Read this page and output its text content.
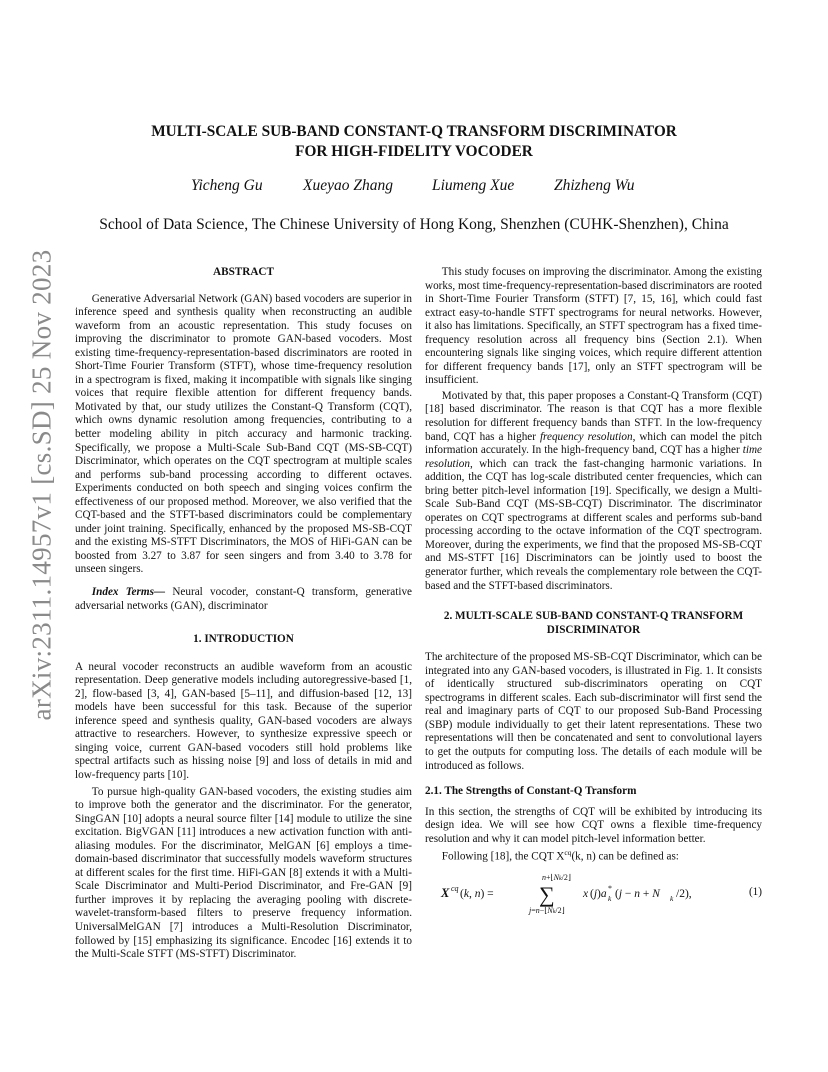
arXiv:2311.14957v1 [cs.SD] 25 Nov 2023
MULTI-SCALE SUB-BAND CONSTANT-Q TRANSFORM DISCRIMINATOR
FOR HIGH-FIDELITY VOCODER
Yicheng Gu	Xueyao Zhang	Liumeng Xue	Zhizheng Wu
School of Data Science, The Chinese University of Hong Kong, Shenzhen (CUHK-Shenzhen), China
ABSTRACT

Generative Adversarial Network (GAN) based vocoders are superior in inference speed and synthesis quality when reconstructing an audible waveform from an acoustic representation. This study focuses on improving the discriminator to promote GAN-based vocoders. Most existing time-frequency-representation-based discriminators are rooted in Short-Time Fourier Transform (STFT), whose time-frequency resolution in a spectrogram is fixed, making it incompatible with signals like singing voices that require flexible attention for different frequency bands. Motivated by that, our study utilizes the Constant-Q Transform (CQT), which owns dynamic resolution among frequencies, contributing to a better modeling ability in pitch accuracy and harmonic tracking. Specifically, we propose a Multi-Scale Sub-Band CQT (MS-SB-CQT) Discriminator, which operates on the CQT spectrogram at multiple scales and performs sub-band processing according to different octaves. Experiments conducted on both speech and singing voices confirm the effectiveness of our proposed method. Moreover, we also verified that the CQT-based and the STFT-based discriminators could be complementary under joint training. Specifically, enhanced by the proposed MS-SB-CQT and the existing MS-STFT Discriminators, the MOS of HiFi-GAN can be boosted from 3.27 to 3.87 for seen singers and from 3.40 to 3.78 for unseen singers.

Index Terms— Neural vocoder, constant-Q transform, generative adversarial networks (GAN), discriminator

1. INTRODUCTION

A neural vocoder reconstructs an audible waveform from an acoustic representation. Deep generative models including autoregressive-based [1, 2], flow-based [3, 4], GAN-based [5–11], and diffusion-based [12, 13] models have been successful for this task. Because of the superior inference speed and synthesis quality, GAN-based vocoders are always attractive to researchers. However, to synthesize expressive speech or singing voice, current GAN-based vocoders still hold problems like spectral artifacts such as hissing noise [9] and loss of details in mid and low-frequency parts [10].

To pursue high-quality GAN-based vocoders, the existing studies aim to improve both the generator and the discriminator. For the generator, SingGAN [10] adopts a neural source filter [14] module to utilize the sine excitation. BigVGAN [11] introduces a new activation function with anti-aliasing modules. For the discriminator, MelGAN [6] employs a time-domain-based discriminator that successfully models waveform structures at different scales for the first time. HiFi-GAN [8] extends it with a Multi-Scale Discriminator and Multi-Period Discriminator, and Fre-GAN [9] further improves it by replacing the averaging pooling with discrete-wavelet-transform-based filters to preserve frequency information. UniversalMelGAN [7] introduces a Multi-Resolution Discriminator, followed by [15] emphasizing its significance. Encodec [16] extends it to the Multi-Scale STFT (MS-STFT) Discriminator.

This study focuses on improving the discriminator. Among the existing works, most time-frequency-representation-based discriminators are rooted in Short-Time Fourier Transform (STFT) [7, 15, 16], which could fast extract easy-to-handle STFT spectrograms for neural networks. However, it also has limitations. Specifically, an STFT spectrogram has a fixed time-frequency resolution across all frequency bins (Section 2.1). When encountering signals like singing voices, which require different attention for different frequency bands [17], only an STFT spectrogram will be insufficient.

Motivated by that, this paper proposes a Constant-Q Transform (CQT) [18] based discriminator. The reason is that CQT has a more flexible resolution for different frequency bands than STFT. In the low-frequency band, CQT has a higher frequency resolution, which can model the pitch information accurately. In the high-frequency band, CQT has a higher time resolution, which can track the fast-changing harmonic variations. In addition, the CQT has log-scale distributed center frequencies, which can bring better pitch-level information [19]. Specifically, we design a Multi-Scale Sub-Band CQT (MS-SB-CQT) Discriminator. The discriminator operates on CQT spectrograms at different scales and performs sub-band processing according to the octave information of the CQT spectrogram. Moreover, during the experiments, we find that the proposed MS-SB-CQT and MS-STFT [16] Discriminators can be jointly used to boost the generator further, which reveals the complementary role between the CQT-based and the STFT-based discriminators.

2. MULTI-SCALE SUB-BAND CONSTANT-Q TRANSFORM
DISCRIMINATOR

The architecture of the proposed MS-SB-CQT Discriminator, which can be integrated into any GAN-based vocoders, is illustrated in Fig. 1. It consists of identically structured sub-discriminators operating on CQT spectrograms in different scales. Each sub-discriminator will first send the real and imaginary parts of CQT to our proposed Sub-Band Processing (SBP) module individually to get their latent representations. These two representations will then be concatenated and sent to convolutional layers to get the outputs for computing loss. The details of each module will be introduced as follows.

2.1. The Strengths of Constant-Q Transform

In this section, the strengths of CQT will be exhibited by introducing its design idea. We will see how CQT owns a flexible time-frequency resolution and why it can model pitch-level information better.

Following [18], the CQT $X^{cq}(k$, n) can be defined as:

X cq (k, n) =
n+⌊Nk/2⌋
∑
j=n−⌊Nk/2⌋
x (j)a *
k (j − n + N k /2),	(1)
